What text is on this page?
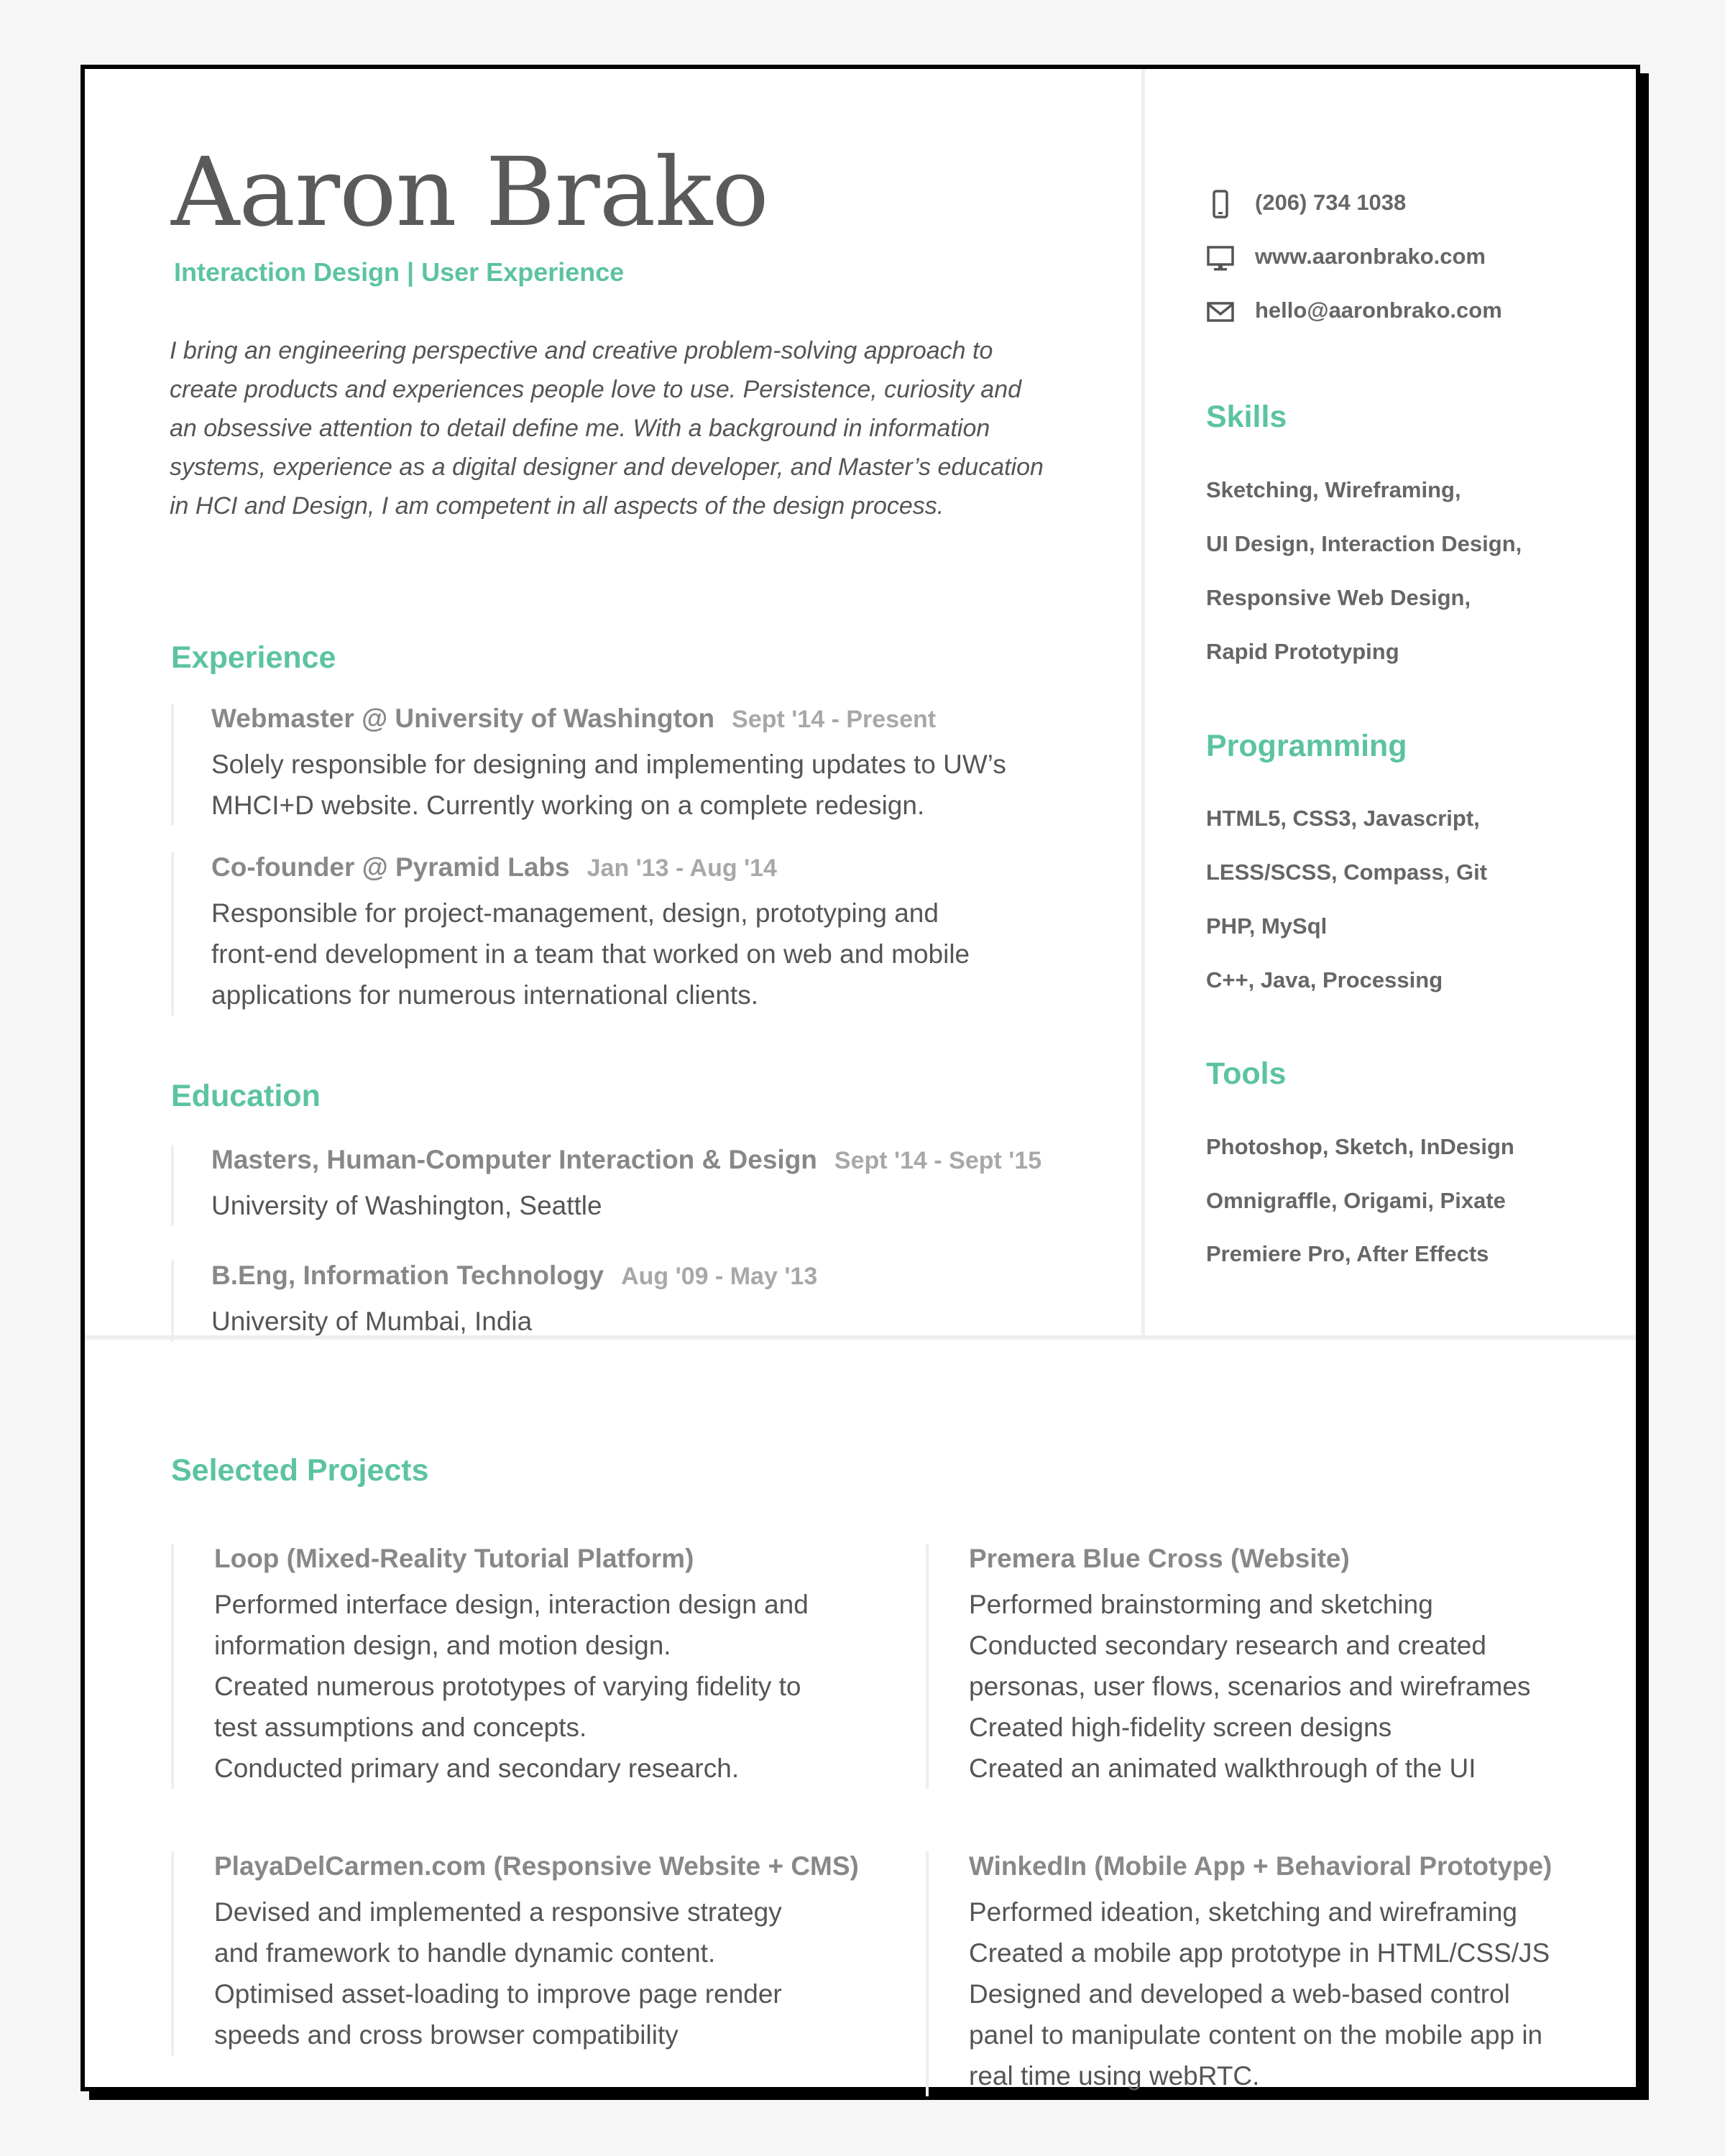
Aaron Brako
Interaction Design | User Experience
I bring an engineering perspective and creative problem-solving approach to
create products and experiences people love to use. Persistence, curiosity and
an obsessive attention to detail define me. With a background in information
systems, experience as a digital designer and developer, and Master’s education
in HCI and Design, I am competent in all aspects of the design process.
Experience
Webmaster @ University of Washington Sept '14 - Present
Solely responsible for designing and implementing updates to UW’s
MHCI+D website. Currently working on a complete redesign.
Co-founder @ Pyramid Labs Jan '13 - Aug '14
Responsible for project-management, design, prototyping and
front-end development in a team that worked on web and mobile
applications for numerous international clients.
Education
Masters, Human-Computer Interaction & Design Sept '14 - Sept '15
University of Washington, Seattle
B.Eng, Information Technology Aug '09 - May '13
University of Mumbai, India
(206) 734 1038
www.aaronbrako.com
hello@aaronbrako.com
Skills
Sketching, Wireframing,
UI Design, Interaction Design,
Responsive Web Design,
Rapid Prototyping
Programming
HTML5, CSS3, Javascript,
LESS/SCSS, Compass, Git
PHP, MySql
C++, Java, Processing
Tools
Photoshop, Sketch, InDesign
Omnigraffle, Origami, Pixate
Premiere Pro, After Effects
Selected Projects
Loop (Mixed-Reality Tutorial Platform)
Performed interface design, interaction design and
information design, and motion design.
Created numerous prototypes of varying fidelity to
test assumptions and concepts.
Conducted primary and secondary research.
Premera Blue Cross (Website)
Performed brainstorming and sketching
Conducted secondary research and created
personas, user flows, scenarios and wireframes
Created high-fidelity screen designs
Created an animated walkthrough of the UI
PlayaDelCarmen.com (Responsive Website + CMS)
Devised and implemented a responsive strategy
and framework to handle dynamic content.
Optimised asset-loading to improve page render
speeds and cross browser compatibility
WinkedIn (Mobile App + Behavioral Prototype)
Performed ideation, sketching and wireframing
Created a mobile app prototype in HTML/CSS/JS
Designed and developed a web-based control
panel to manipulate content on the mobile app in
real time using webRTC.
